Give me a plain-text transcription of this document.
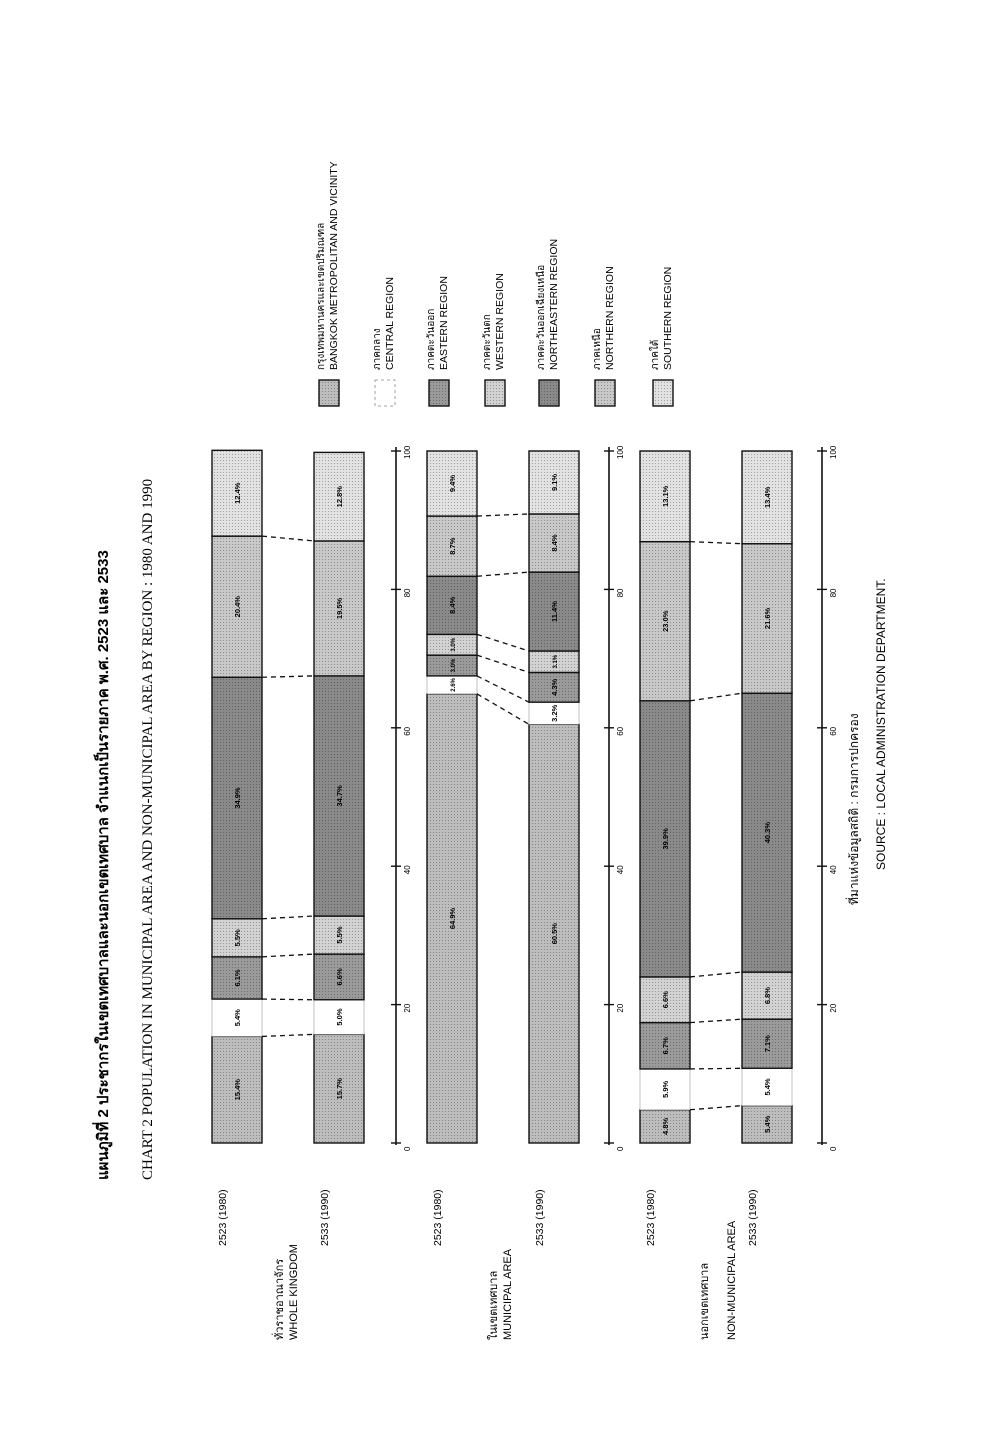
แผนภูมิที่ 2 ประชากรในเขตเทศบาลและนอกเขตเทศบาล จำแนกเป็นรายภาค พ.ศ. 2523 และ 2533 CHART 2 POPULATION IN MUNICIPAL AREA AND NON-MUNICIPAL AREA BY REGION : 1980 AND 1990	ที่มาแห่งข้อมูลสถิติ : กรมการปกครอง SOURCE : LOCAL ADMINISTRATION DEPARTMENT.
กรุงเทพมหานครและเขตปริมณฑล BANGKOK METROPOLITAN AND VICINITY	ภาคกลาง CENTRAL REGION	ภาคตะวันออก EASTERN REGION	ภาคตะวันตก WESTERN REGION	ภาคตะวันออกเฉียงเหนือ NORTHEASTERN REGION	ภาคเหนือ NORTHERN REGION	ภาคใต้ SOUTHERN REGION
0
20
40
60
80
100
ทั่วราชอาณาจักร WHOLE KINGDOM
15.4%
5.4%
6.1%
5.5%
34.9%
20.4%
12.4%
2523 (1980)
15.7%
5.0%
6.6%
5.5%
34.7%
19.5%
12.8%
2533 (1990)
0
20
40
60
80
100
ในเขตเทศบาล MUNICIPAL AREA
64.9%
2.6%
3.0%
3.0%
8.4%
8.7%
9.4%
2523 (1980)
60.5%
3.2%
4.3%
3.1%
11.4%
8.4%
9.1%
2533 (1990)
0
20
40
60
80
100
นอกเขตเทศบาล NON-MUNICIPAL AREA
4.8%
5.9%
6.7%
6.6%
39.9%
23.0%
13.1%
2523 (1980)
5.4%
5.4%
7.1%
6.8%
40.3%
21.6%
13.4%
2533 (1990)
